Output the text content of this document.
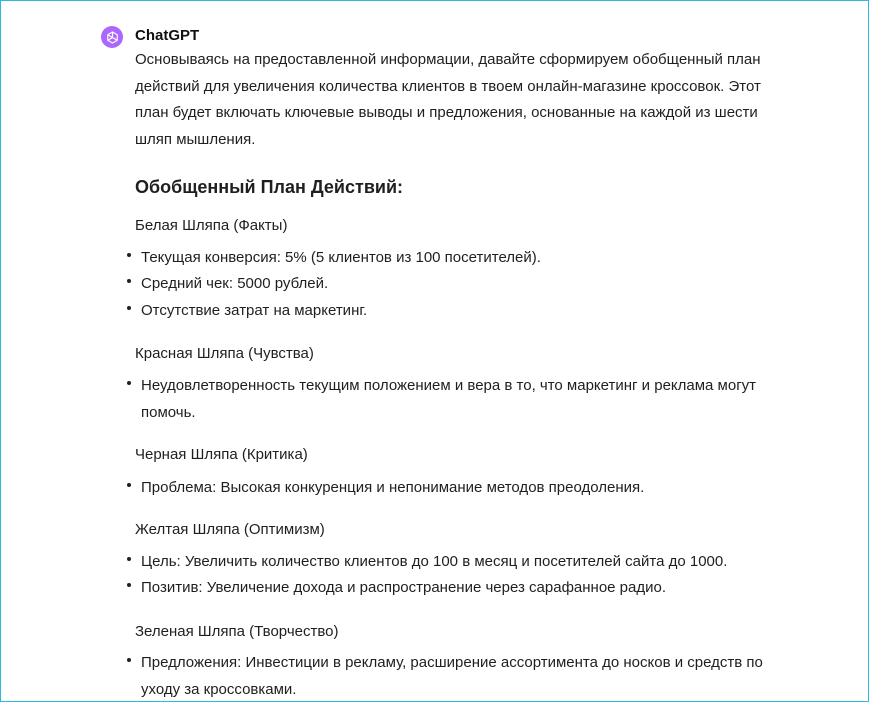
ChatGPT

Основываясь на предоставленной информации, давайте сформируем обобщенный план действий для увеличения количества клиентов в твоем онлайн-магазине кроссовок. Этот план будет включать ключевые выводы и предложения, основанные на каждой из шести шляп мышления.

Обобщенный План Действий:
Белая Шляпа (Факты)
Текущая конверсия: 5% (5 клиентов из 100 посетителей).
Средний чек: 5000 рублей.
Отсутствие затрат на маркетинг.
Красная Шляпа (Чувства)
Неудовлетворенность текущим положением и вера в то, что маркетинг и реклама могут помочь.
Черная Шляпа (Критика)
Проблема: Высокая конкуренция и непонимание методов преодоления.
Желтая Шляпа (Оптимизм)
Цель: Увеличить количество клиентов до 100 в месяц и посетителей сайта до 1000.
Позитив: Увеличение дохода и распространение через сарафанное радио.
Зеленая Шляпа (Творчество)
Предложения: Инвестиции в рекламу, расширение ассортимента до носков и средств по уходу за кроссовками.
